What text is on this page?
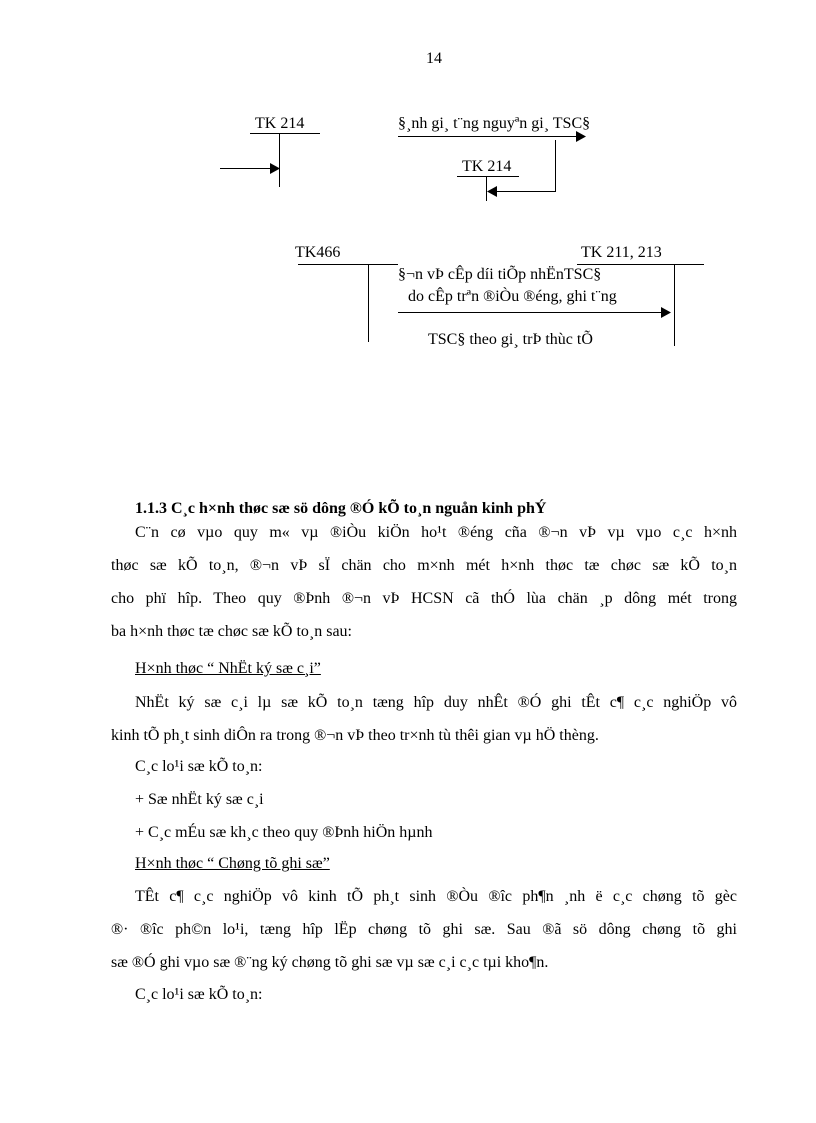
14
TK 214	§¸nh gi¸ t¨ng nguyªn gi¸ TSC§
TK 214
TK466	TK 211, 213
§¬n vÞ cÊp díi tiÕp nhËnTSC§
do cÊp trªn ®iÒu ®éng, ghi t¨ng
TSC§ theo gi¸ trÞ thùc tÕ
1.1.3 C¸c h×nh thøc sæ sö dông ®Ó kÕ to¸n nguån kinh phÝ
C¨n cø vµo quy m« vµ ®iÒu kiÖn ho¹t ®éng cña ®¬n vÞ vµ vµo c¸c h×nh
thøc sæ kÕ to¸n, ®¬n vÞ sÏ chän cho m×nh mét h×nh thøc tæ chøc sæ kÕ to¸n
cho phï hîp. Theo quy ®Þnh ®¬n vÞ HCSN cã thÓ lùa chän ¸p dông mét trong
ba h×nh thøc tæ chøc sæ kÕ to¸n sau:
H×nh thøc “ NhËt ký sæ c¸i”
NhËt ký sæ c¸i lµ sæ kÕ to¸n tæng hîp duy nhÊt ®Ó ghi tÊt c¶ c¸c nghiÖp vô
kinh tÕ ph¸t sinh diÔn ra trong ®¬n vÞ theo tr×nh tù thêi gian vµ hÖ thèng.
C¸c lo¹i sæ kÕ to¸n:
+ Sæ nhËt ký sæ c¸i
+ C¸c mÉu sæ kh¸c theo quy ®Þnh hiÖn hµnh
H×nh thøc “ Chøng tõ ghi sæ”
TÊt c¶ c¸c nghiÖp vô kinh tÕ ph¸t sinh ®Òu ®îc ph¶n ¸nh ë c¸c chøng tõ gèc
®· ®îc ph©n lo¹i, tæng hîp lËp chøng tõ ghi sæ. Sau ®ã sö dông chøng tõ ghi
sæ ®Ó ghi vµo sæ ®¨ng ký chøng tõ ghi sæ vµ sæ c¸i c¸c tµi kho¶n.
C¸c lo¹i sæ kÕ to¸n:
